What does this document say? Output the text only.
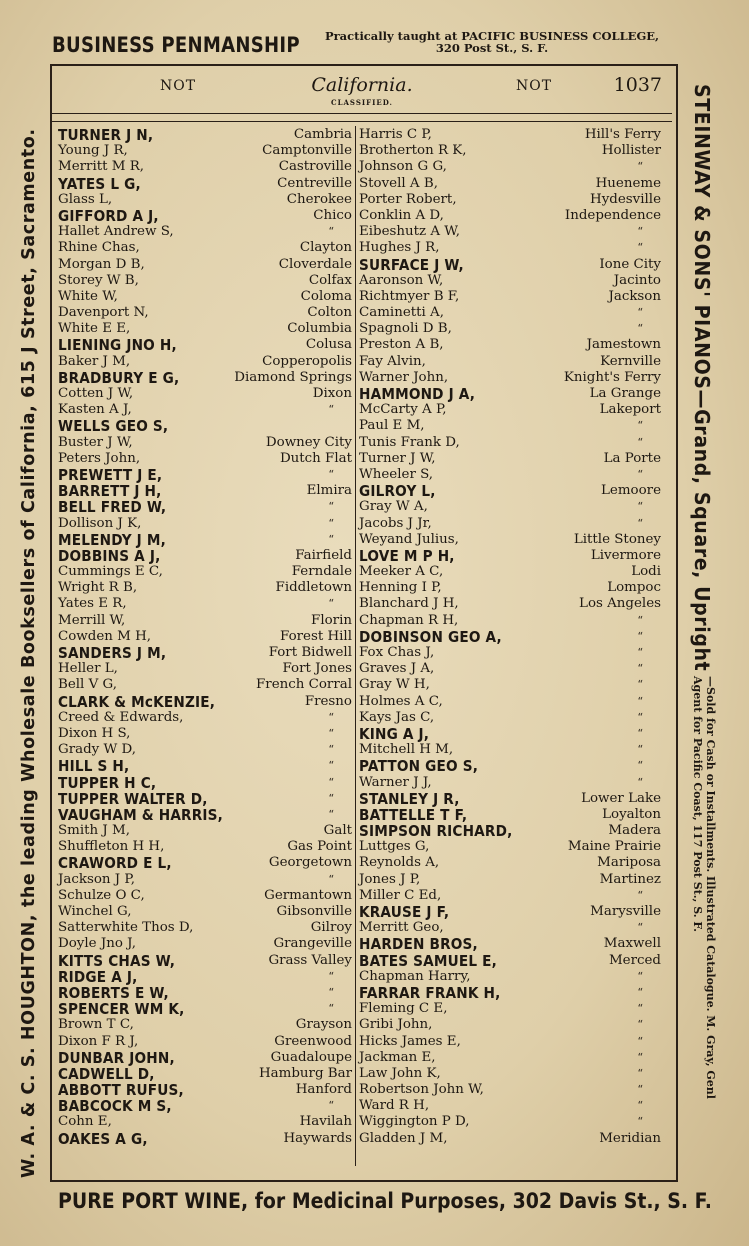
BUSINESS PENMANSHIP	Practically taught at PACIFIC BUSINESS COLLEGE, 320 Post St., S. F.
NOT	California.
CLASSIFIED.
NOT	1037
TURNER J N,	Cambria
Young J R,	Camptonville
Merritt M R,	Castroville
YATES L G,	Centreville
Glass L,	Cherokee
GIFFORD A J,	Chico
Hallet Andrew S,	“
Rhine Chas,	Clayton
Morgan D B,	Cloverdale
Storey W B,	Colfax
White W,	Coloma
Davenport N,	Colton
White E E,	Columbia
LIENING JNO H,	Colusa
Baker J M,	Copperopolis
BRADBURY E G,	Diamond Springs
Cotten J W,	Dixon
Kasten A J,	“
WELLS GEO S,
Buster J W,	Downey City
Peters John,	Dutch Flat
PREWETT J E,	“
BARRETT J H,	Elmira
BELL FRED W,	“
Dollison J K,	“
MELENDY J M,	“
DOBBINS A J,	Fairfield
Cummings E C,	Ferndale
Wright R B,	Fiddletown
Yates E R,	“
Merrill W,	Florin
Cowden M H,	Forest Hill
SANDERS J M,	Fort Bidwell
Heller L,	Fort Jones
Bell V G,	French Corral
CLARK & McKENZIE,	Fresno
Creed & Edwards,	“
Dixon H S,	“
Grady W D,	“
HILL S H,	“
TUPPER H C,	“
TUPPER WALTER D,	“
VAUGHAM & HARRIS,	“
Smith J M,	Galt
Shuffleton H H,	Gas Point
CRAWORD E L,	Georgetown
Jackson J P,	“
Schulze O C,	Germantown
Winchel G,	Gibsonville
Satterwhite Thos D,	Gilroy
Doyle Jno J,	Grangeville
KITTS CHAS W,	Grass Valley
RIDGE A J,	“
ROBERTS E W,	“
SPENCER WM K,	“
Brown T C,	Grayson
Dixon F R J,	Greenwood
DUNBAR JOHN,	Guadaloupe
CADWELL D,	Hamburg Bar
ABBOTT RUFUS,	Hanford
BABCOCK M S,	“
Cohn E,	Havilah
OAKES A G,	Haywards
Harris C P,	Hill's Ferry
Brotherton R K,	Hollister
Johnson G G,	“
Stovell A B,	Hueneme
Porter Robert,	Hydesville
Conklin A D,	Independence
Eibeshutz A W,	“
Hughes J R,	“
SURFACE J W,	Ione City
Aaronson W,	Jacinto
Richtmyer B F,	Jackson
Caminetti A,	“
Spagnoli D B,	“
Preston A B,	Jamestown
Fay Alvin,	Kernville
Warner John,	Knight's Ferry
HAMMOND J A,	La Grange
McCarty A P,	Lakeport
Paul E M,	“
Tunis Frank D,	“
Turner J W,	La Porte
Wheeler S,	“
GILROY L,	Lemoore
Gray W A,	“
Jacobs J Jr,	“
Weyand Julius,	Little Stoney
LOVE M P H,	Livermore
Meeker A C,	Lodi
Henning I P,	Lompoc
Blanchard J H,	Los Angeles
Chapman R H,	“
DOBINSON GEO A,	“
Fox Chas J,	“
Graves J A,	“
Gray W H,	“
Holmes A C,	“
Kays Jas C,	“
KING A J,	“
Mitchell H M,	“
PATTON GEO S,	“
Warner J J,	“
STANLEY J R,	Lower Lake
BATTELLE T F,	Loyalton
SIMPSON RICHARD,	Madera
Luttges G,	Maine Prairie
Reynolds A,	Mariposa
Jones J P,	Martinez
Miller C Ed,	“
KRAUSE J F,	Marysville
Merritt Geo,	“
HARDEN BROS,	Maxwell
BATES SAMUEL E,	Merced
Chapman Harry,	“
FARRAR FRANK H,	“
Fleming C E,	“
Gribi John,	“
Hicks James E,	“
Jackman E,	“
Law John K,	“
Robertson John W,	“
Ward R H,	“
Wiggington P D,	“
Gladden J M,	Meridian
W. A. & C. S. HOUGHTON, the leading Wholesale Booksellers of California, 615 J Street, Sacramento.	STEINWAY & SONS' PIANOS—Grand, Square, Upright
—Sold for Cash or Installments. Illustrated Catalogue. M. Gray, Genl Agent for Pacific Coast, 117 Post St., S. F.
PURE PORT WINE, for Medicinal Purposes, 302 Davis St., S. F.
